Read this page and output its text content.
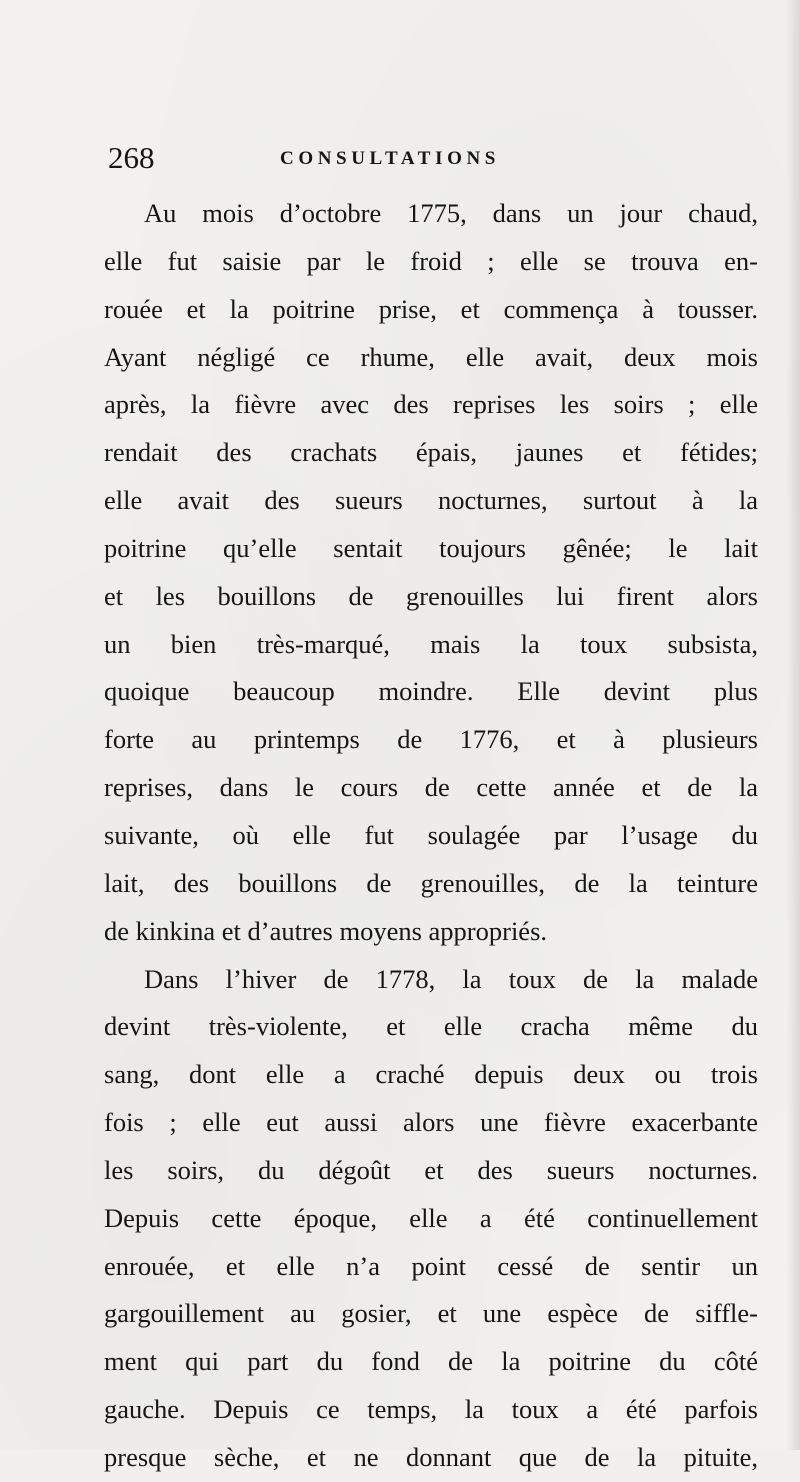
268	CONSULTATIONS
Au mois d’octobre 1775, dans un jour chaud,
elle fut saisie par le froid ; elle se trouva en-
rouée et la poitrine prise, et commença à tousser.
Ayant négligé ce rhume, elle avait, deux mois
après, la fièvre avec des reprises les soirs ; elle
rendait des crachats épais, jaunes et fétides;
elle avait des sueurs nocturnes, surtout à la
poitrine qu’elle sentait toujours gênée; le lait
et les bouillons de grenouilles lui firent alors
un bien très-marqué, mais la toux subsista,
quoique beaucoup moindre. Elle devint plus
forte au printemps de 1776, et à plusieurs
reprises, dans le cours de cette année et de la
suivante, où elle fut soulagée par l’usage du
lait, des bouillons de grenouilles, de la teinture
de kinkina et d’autres moyens appropriés.
Dans l’hiver de 1778, la toux de la malade
devint très-violente, et elle cracha même du
sang, dont elle a craché depuis deux ou trois
fois ; elle eut aussi alors une fièvre exacerbante
les soirs, du dégoût et des sueurs nocturnes.
Depuis cette époque, elle a été continuellement
enrouée, et elle n’a point cessé de sentir un
gargouillement au gosier, et une espèce de siffle-
ment qui part du fond de la poitrine du côté
gauche. Depuis ce temps, la toux a été parfois
presque sèche, et ne donnant que de la pituite,
